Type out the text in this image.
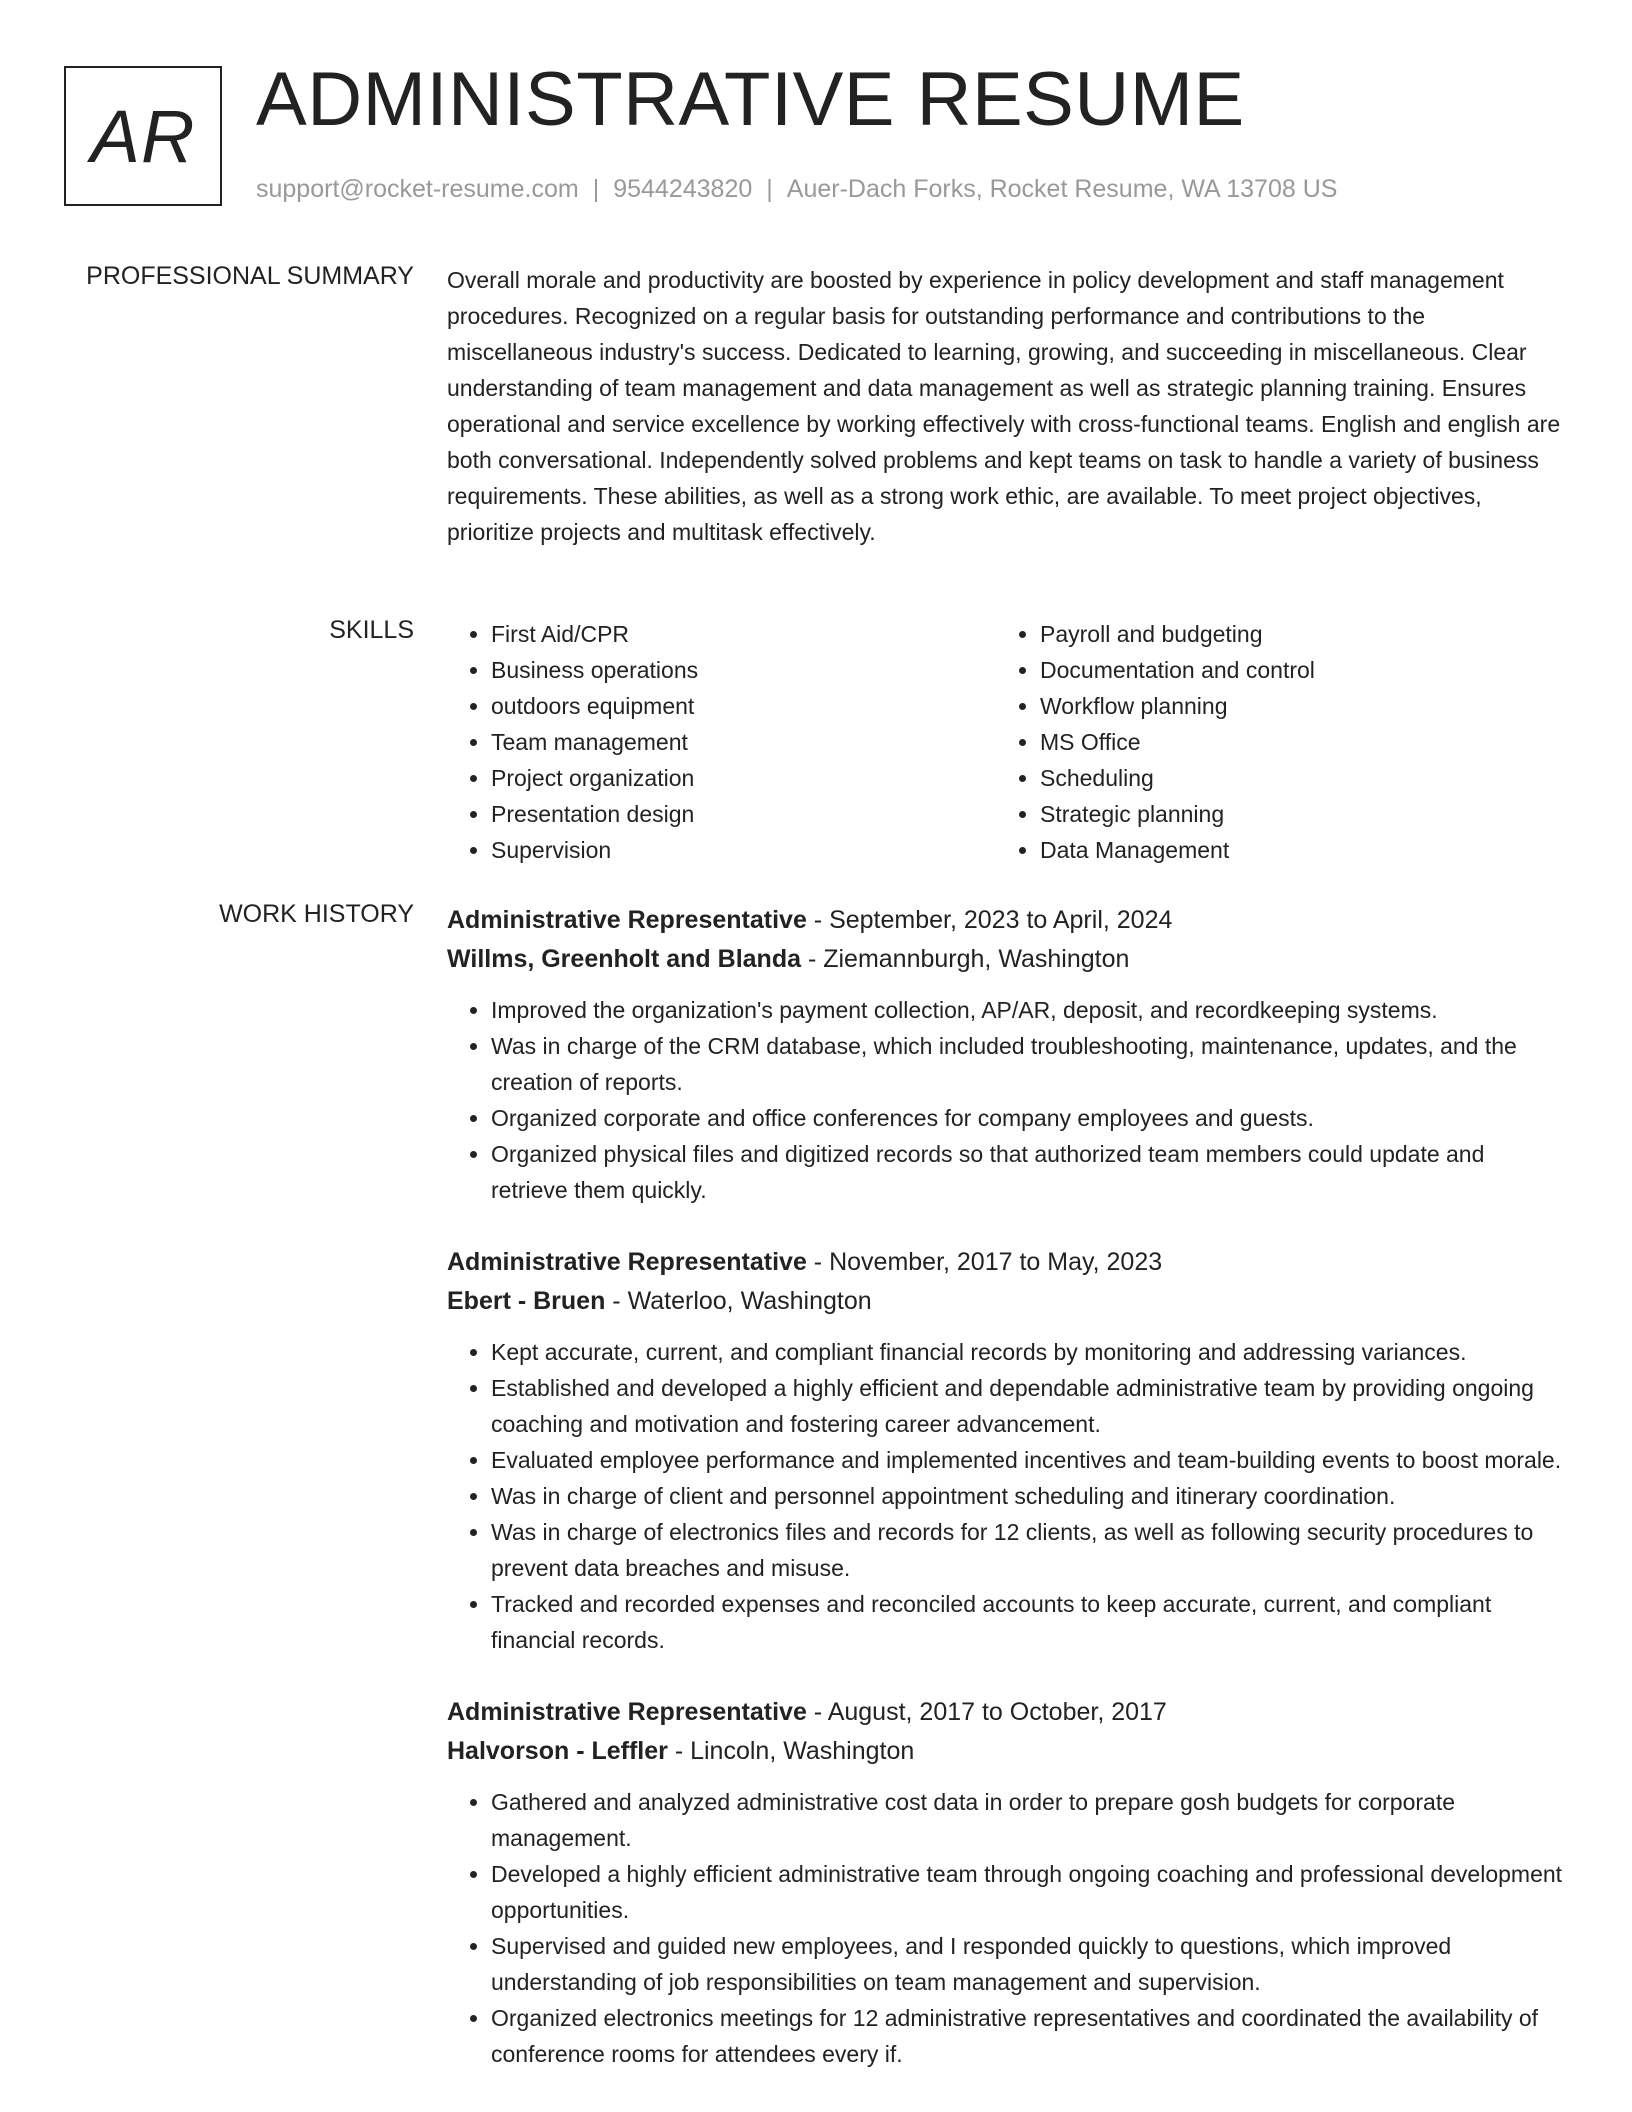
AR ADMINISTRATIVE RESUME
support@rocket-resume.com | 9544243820 | Auer-Dach Forks, Rocket Resume, WA 13708 US
PROFESSIONAL SUMMARY Overall morale and productivity are boosted by experience in policy development and staff management procedures. Recognized on a regular basis for outstanding performance and contributions to the miscellaneous industry's success. Dedicated to learning, growing, and succeeding in miscellaneous. Clear understanding of team management and data management as well as strategic planning training. Ensures operational and service excellence by working effectively with cross-functional teams. English and english are both conversational. Independently solved problems and kept teams on task to handle a variety of business requirements. These abilities, as well as a strong work ethic, are available. To meet project objectives, prioritize projects and multitask effectively.

SKILLS
•	First Aid/CPR
• Business operations
• outdoors equipment
• Team management
• Project organization
• Presentation design
• Supervision
• Payroll and budgeting
• Documentation and control
• Workflow planning
• MS Office
• Scheduling
• Strategic planning
• Data Management
WORK HISTORY Administrative Representative - September, 2023 to April, 2024
Willms, Greenholt and Blanda - Ziemannburgh, Washington
• Improved the organization's payment collection, AP/AR, deposit, and recordkeeping systems.
• Was in charge of the CRM database, which included troubleshooting, maintenance, updates, and the creation of reports.
• Organized corporate and office conferences for company employees and guests.
• Organized physical files and digitized records so that authorized team members could update and retrieve them quickly.
Administrative Representative - November, 2017 to May, 2023
Ebert - Bruen - Waterloo, Washington
• Kept accurate, current, and compliant financial records by monitoring and addressing variances.
• Established and developed a highly efficient and dependable administrative team by providing ongoing coaching and motivation and fostering career advancement.
• Evaluated employee performance and implemented incentives and team-building events to boost morale.
• Was in charge of client and personnel appointment scheduling and itinerary coordination.
• Was in charge of electronics files and records for 12 clients, as well as following security procedures to prevent data breaches and misuse.
• Tracked and recorded expenses and reconciled accounts to keep accurate, current, and compliant financial records.
Administrative Representative - August, 2017 to October, 2017
Halvorson - Leffler - Lincoln, Washington
• Gathered and analyzed administrative cost data in order to prepare gosh budgets for corporate management.
• Developed a highly efficient administrative team through ongoing coaching and professional development opportunities.
• Supervised and guided new employees, and I responded quickly to questions, which improved understanding of job responsibilities on team management and supervision.
• Organized electronics meetings for 12 administrative representatives and coordinated the availability of conference rooms for attendees every if.
